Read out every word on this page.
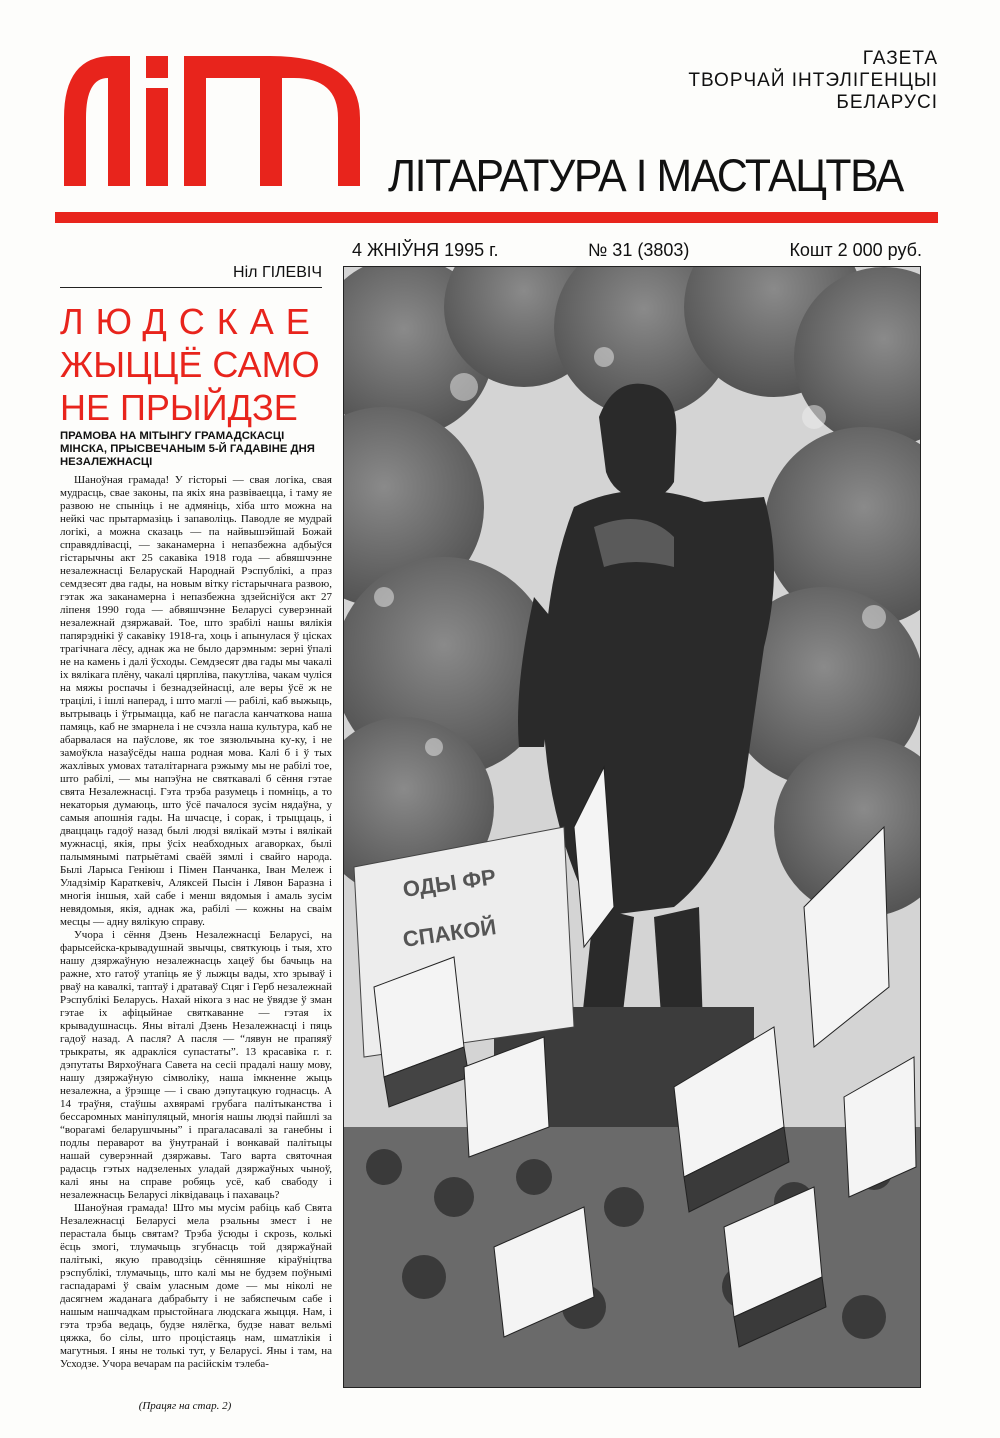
ГАЗЕТА
ТВОРЧАЙ ІНТЭЛІГЕНЦЫІ
БЕЛАРУСІ
ЛІТАРАТУРА І МАСТАЦТВА
4 ЖНІЎНЯ 1995 г.	№ 31 (3803)	Кошт 2 000 руб.
Ніл ГІЛЕВІЧ
ЛЮДСКАЕ
ЖЫЦЦЁ САМО
НЕ ПРЫЙДЗЕ
ПРАМОВА НА МІТЫНГУ ГРАМАДСКАСЦІ МІНСКА, ПРЫСВЕЧАНЫМ 5-Й ГАДАВІНЕ ДНЯ НЕЗАЛЕЖНАСЦІ

Шаноўная грамада! У гісторыі — свая логіка, свая мудрасць, свае законы, па якіх яна развіваецца, і таму яе развою не спыніць і не адмяніць, хіба што можна на нейкі час прытармазіць і запаволіць. Паводле яе мудрай логікі, а можна сказаць — па найвышэйшай Божай справядлівасці, — заканамерна і непазбежна адбыўся гістарычны акт 25 сакавіка 1918 года — абвяшчэнне незалежнасці Беларускай Народнай Рэспублікі, а праз семдзесят два гады, на новым вітку гістарычнага развою, гэтак жа заканамерна і непазбежна здзейсніўся акт 27 ліпеня 1990 года — абвяшчэнне Беларусі суверэннай незалежнай дзяржавай. Тое, што зрабілі нашы вялікія папярэднікі ў сакавіку 1918-га, хоць і апынулася ў цісках трагічнага лёсу, аднак жа не было дарэмным: зерні ўпалі не на камень і далі ўсходы. Семдзесят два гады мы чакалі іх вялікага плёну, чакалі цярпліва, пакутліва, чакам чуліся на мяжы роспачы і безнадзейнасці, але веры ўсё ж не трацілі, і ішлі наперад, і што маглі — рабілі, каб выжыць, вытрываць і ўтрымацца, каб не пагасла канчаткова наша памяць, каб не змарнела і не счэзла наша культура, каб не абарвалася на паўслове, як тое зязюльчына ку-ку, і не замоўкла назаўсёды наша родная мова. Калі б і ў тых жахлівых умовах таталітарнага рэжыму мы не рабілі тое, што рабілі, — мы напэўна не святкавалі б сёння гэтае свята Незалежнасці. Гэта трэба разумець і помніць, а то некаторыя думаюць, што ўсё пачалося зусім нядаўна, у самыя апошнія гады. На шчасце, і сорак, і трыццаць, і дваццаць гадоў назад былі людзі вялікай мэты і вялікай мужнасці, якія, пры ўсіх неабходных агаворках, былі палымянымі патрыётамі сваёй зямлі і свайго народа. Былі Ларыса Геніюш і Пімен Панчанка, Іван Мележ і Уладзімір Караткевіч, Аляксей Пысін і Лявон Баразна і многія іншыя, хай сабе і менш вядомыя і амаль зусім невядомыя, якія, аднак жа, рабілі — кожны на сваім месцы — адну вялікую справу.

Учора і сёння Дзень Незалежнасці Беларусі, на фарысейска-крывадушнай звычцы, святкуюць і тыя, хто нашу дзяржаўную незалежнасць хацеў бы бачыць на ражне, хто гатоў утапіць яе ў лыжцы вады, хто зрываў і рваў на кавалкі, таптаў і дратаваў Сцяг і Герб незалежнай Рэспублікі Беларусь. Нахай нікога з нас не ўвядзе ў зман гэтае іх афіцыйнае святкаванне — гэтая іх крывадушнасць. Яны віталі Дзень Незалежнасці і пяць гадоў назад. А пасля? А пасля — “лявун не прапяяў трыкраты, як адракліся супастаты”. 13 красавіка г. г. дэпутаты Вярхоўнага Савета на сесіі прадалі нашу мову, нашу дзяржаўную сімволіку, наша імкненне жыць незалежна, а ўрэшце — і сваю дэпутацкую годнасць. А 14 траўня, стаўшы ахвярамі грубага палітыканства і бессаромных маніпуляцый, многія нашы людзі пайшлі за “ворагамі беларушчыны” і прагаласавалі за ганебны і подлы пераварот ва ўнутранай і вонкавай палітыцы нашай суверэннай дзяржавы. Таго варта святочная радасць гэтых надзеленых уладай дзяржаўных чыноў, калі яны на справе робяць усё, каб свабоду і незалежнасць Беларусі ліквідаваць і пахаваць?

Шаноўная грамада! Што мы мусім рабіць каб Свята Незалежнасці Беларусі мела рэальны змест і не перастала быць святам? Трэба ўсюды і скрозь, колькі ёсць змогі, тлумачыць згубнасць той дзяржаўнай палітыкі, якую праводзіць сённяшняе кіраўніцтва рэспублікі, тлумачыць, што калі мы не будзем поўнымі гаспадарамі ў сваім уласным доме — мы ніколі не дасягнем жаданага дабрабыту і не забяспечым сабе і нашым нашчадкам прыстойнага людскага жыцця. Нам, і гэта трэба ведаць, будзе нялёгка, будзе нават вельмі цяжка, бо сілы, што процістаяць нам, шматлікія і магутныя. І яны не толькі тут, у Беларусі. Яны і там, на Усходзе. Учора вечарам па расійскім тэлеба-

(Працяг на стар. 2)
ОДЫ ФР
СПАКОЙ
